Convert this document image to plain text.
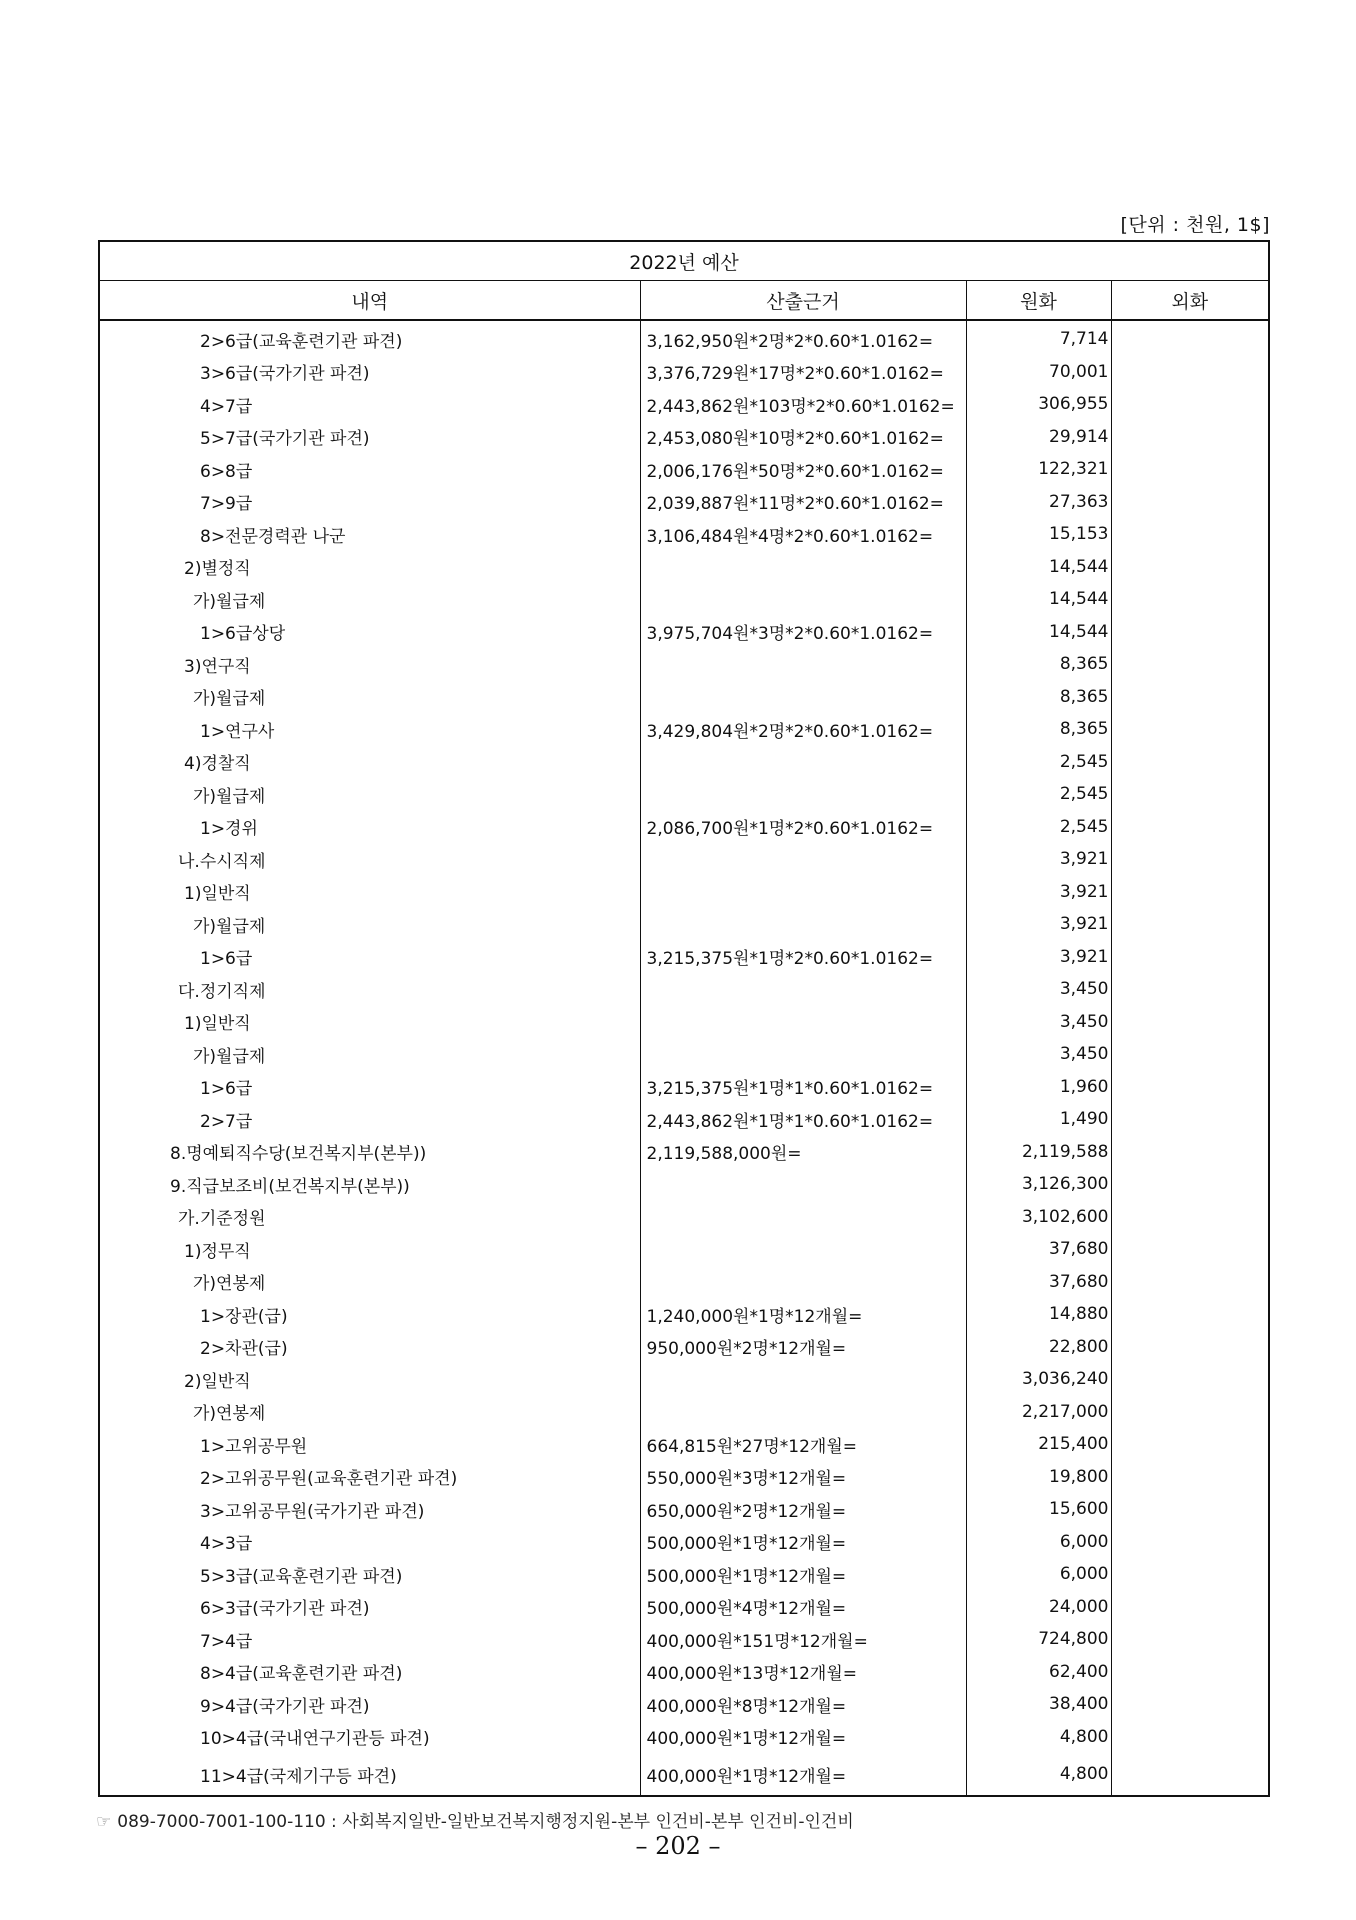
[단위 : 천원, 1$]
2022년 예산			
내역	산출근거	원화	외화
2>6급(교육훈련기관 파견)	3,162,950원*2명*2*0.60*1.0162=	7,714	
3>6급(국가기관 파견)	3,376,729원*17명*2*0.60*1.0162=	70,001	
4>7급	2,443,862원*103명*2*0.60*1.0162=	306,955	
5>7급(국가기관 파견)	2,453,080원*10명*2*0.60*1.0162=	29,914	
6>8급	2,006,176원*50명*2*0.60*1.0162=	122,321	
7>9급	2,039,887원*11명*2*0.60*1.0162=	27,363	
8>전문경력관 나군	3,106,484원*4명*2*0.60*1.0162=	15,153	
2)별정직		14,544	
가)월급제		14,544	
1>6급상당	3,975,704원*3명*2*0.60*1.0162=	14,544	
3)연구직		8,365	
가)월급제		8,365	
1>연구사	3,429,804원*2명*2*0.60*1.0162=	8,365	
4)경찰직		2,545	
가)월급제		2,545	
1>경위	2,086,700원*1명*2*0.60*1.0162=	2,545	
나.수시직제		3,921	
1)일반직		3,921	
가)월급제		3,921	
1>6급	3,215,375원*1명*2*0.60*1.0162=	3,921	
다.정기직제		3,450	
1)일반직		3,450	
가)월급제		3,450	
1>6급	3,215,375원*1명*1*0.60*1.0162=	1,960	
2>7급	2,443,862원*1명*1*0.60*1.0162=	1,490	
8.명예퇴직수당(보건복지부(본부))	2,119,588,000원=	2,119,588	
9.직급보조비(보건복지부(본부))		3,126,300	
가.기준정원		3,102,600	
1)정무직		37,680	
가)연봉제		37,680	
1>장관(급)	1,240,000원*1명*12개월=	14,880	
2>차관(급)	950,000원*2명*12개월=	22,800	
2)일반직		3,036,240	
가)연봉제		2,217,000	
1>고위공무원	664,815원*27명*12개월=	215,400	
2>고위공무원(교육훈련기관 파견)	550,000원*3명*12개월=	19,800	
3>고위공무원(국가기관 파견)	650,000원*2명*12개월=	15,600	
4>3급	500,000원*1명*12개월=	6,000	
5>3급(교육훈련기관 파견)	500,000원*1명*12개월=	6,000	
6>3급(국가기관 파견)	500,000원*4명*12개월=	24,000	
7>4급	400,000원*151명*12개월=	724,800	
8>4급(교육훈련기관 파견)	400,000원*13명*12개월=	62,400	
9>4급(국가기관 파견)	400,000원*8명*12개월=	38,400	
10>4급(국내연구기관등 파견)	400,000원*1명*12개월=	4,800	
11>4급(국제기구등 파견)	400,000원*1명*12개월=	4,800	
☞ 089-7000-7001-100-110 : 사회복지일반-일반보건복지행정지원-본부 인건비-본부 인건비-인건비
– 202 –
